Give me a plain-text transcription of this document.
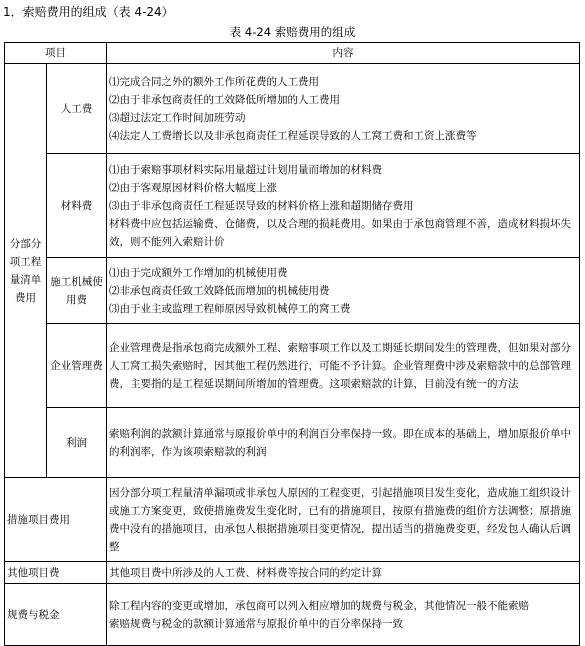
1．索赔费用的组成（表 4-24）
表 4-24 索赔费用的组成
项目		内容
分部分项工程量清单费用	人工费	⑴完成合同之外的额外工作所花费的人工费用
⑵由于非承包商责任的工效降低所增加的人工费用
⑶超过法定工作时间加班劳动
⑷法定人工费增长以及非承包商责任工程延误导致的人工窝工费和工资上涨费等

	材料费	⑴由于索赔事项材料实际用量超过计划用量而增加的材料费
⑵由于客观原因材料价格大幅度上涨
⑶由于非承包商责任工程延误导致的材料价格上涨和超期储存费用
材料费中应包括运输费、仓储费，以及合理的损耗费用。如果由于承包商管理不善，造成材料损坏失效，则不能列入索赔计价

	施工机械使用费	⑴由于完成额外工作增加的机械使用费
⑵非承包商责任致工效降低而增加的机械使用费
⑶由于业主或监理工程师原因导致机械停工的窝工费

	企业管理费	企业管理费是指承包商完成额外工程、索赔事项工作以及工期延长期间发生的管理费，但如果对部分人工窝工损失索赔时，因其他工程仍然进行，可能不予计算。企业管理费中涉及索赔款中的总部管理费，主要指的是工程延误期间所增加的管理费。这项索赔款的计算，目前没有统一的方法
	利润	索赔利润的款额计算通常与原报价单中的利润百分率保持一致。即在成本的基础上，增加原报价单中的利润率，作为该项索赔款的利润
措施项目费用		因分部分项工程量清单漏项或非承包人原因的工程变更，引起措施项目发生变化，造成施工组织设计或施工方案变更，致使措施费发生变化时，已有的措施项目，按原有措施费的组价方法调整；原措施费中没有的措施项目，由承包人根据措施项目变更情况，提出适当的措施费变更，经发包人确认后调整
其他项目费		其他项目费中所涉及的人工费、材料费等按合同的约定计算
规费与税金		除工程内容的变更或增加，承包商可以列入相应增加的规费与税金，其他情况一般不能索赔
索赔规费与税金的款额计算通常与原报价单中的百分率保持一致
